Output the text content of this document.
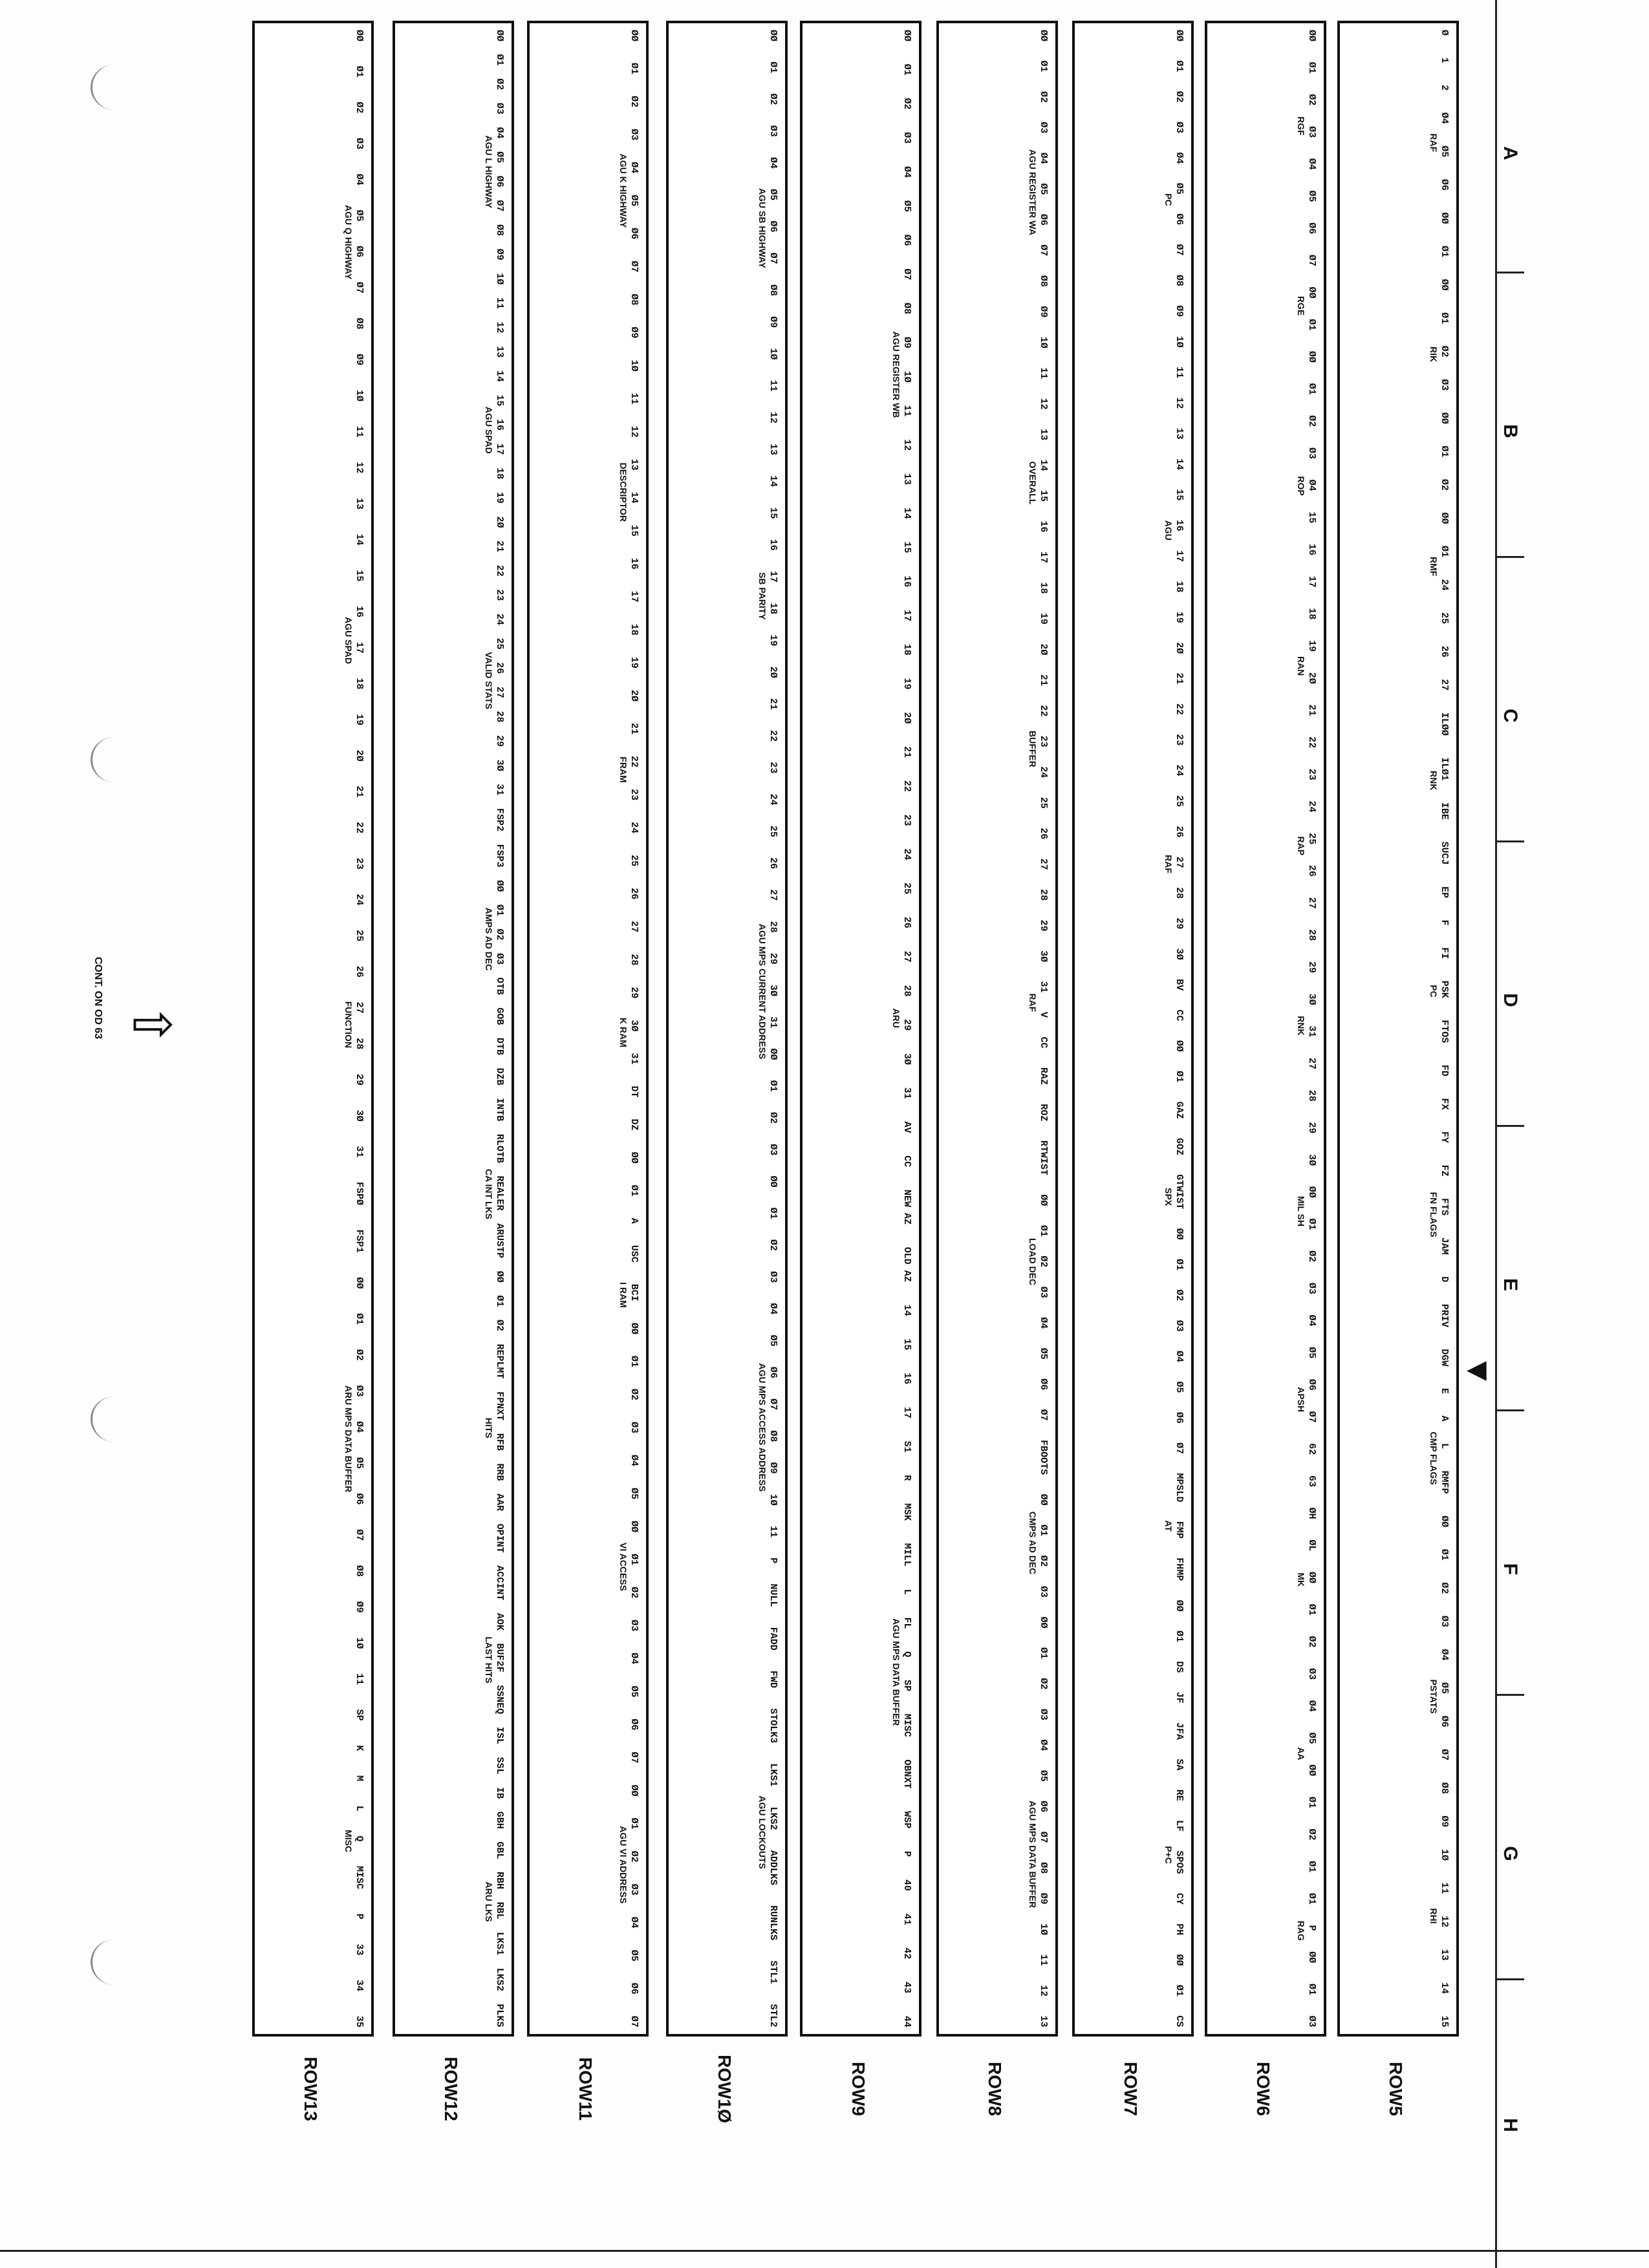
A
B
C
D
E
F
G
H
◀
CONT. ON OD 63 ⇧
Ø
1
2
Ø4
Ø5
Ø6
ØØ
Ø1
ØØ
Ø1
Ø2
Ø3
ØØ
Ø1
Ø2
ØØ
Ø1
24
25
26
27
ILØØ
ILØ1
IBE
SUCJ
EP
F
FI
PSK
FTOS
FD
FX
FY
FZ
FTS
JAM
D
PRIV
DGW
E
A
L
RMFP
ØØ
Ø1
Ø2
Ø3
Ø4
Ø5
Ø6
Ø7
Ø8
Ø9
1Ø
11
12
13
14
15
RAF
RIK
RMF
RNK
PC
FN FLAGS
CMP FLAGS
PSTATS
RHI
ROW5
ØØ
Ø1
Ø2
Ø3
Ø4
Ø5
Ø6
Ø7
ØØ
Ø1
ØØ
Ø1
Ø2
Ø3
Ø4
15
16
17
18
19
2Ø
21
22
23
24
25
26
27
28
29
3Ø
31
27
28
29
3Ø
ØØ
Ø1
Ø2
Ø3
Ø4
Ø5
Ø6
Ø7
62
63
ØH
ØL
ØØ
Ø1
Ø2
Ø3
Ø4
Ø5
ØØ
Ø1
Ø2
Ø1
Ø1
P
ØØ
Ø1
Ø3
RGF
RGE
ROP
RAN
RAP
RNK
MIL SH
APSH
MK
AA
RAG
ROW6
ØØ
Ø1
Ø2
Ø3
Ø4
Ø5
Ø6
Ø7
Ø8
Ø9
1Ø
11
12
13
14
15
16
17
18
19
2Ø
21
22
23
24
25
26
27
28
29
3Ø
BV
CC
ØØ
Ø1
GAZ
GOZ
GTWIST
ØØ
Ø1
Ø2
Ø3
Ø4
Ø5
Ø6
Ø7
MPSLD
FMP
FHMP
ØØ
Ø1
DS
JF
JFA
SA
RE
LF
SPOS
CY
PH
ØØ
Ø1
CS
PC
AGU
RAF
SPX
AT
P+C
ROW7
ØØ
Ø1
Ø2
Ø3
Ø4
Ø5
Ø6
Ø7
Ø8
Ø9
1Ø
11
12
13
14
15
16
17
18
19
2Ø
21
22
23
24
25
26
27
28
29
3Ø
31
V
CC
RAZ
ROZ
RTWIST
ØØ
Ø1
Ø2
Ø3
Ø4
Ø5
Ø6
Ø7
FBOOTS
ØØ
Ø1
Ø2
Ø3
ØØ
Ø1
Ø2
Ø3
Ø4
Ø5
Ø6
Ø7
Ø8
Ø9
1Ø
11
12
13
AGU REGISTER WA
OVERALL
BUFFER
RAF
LOAD DEC
CMPS AD DEC
AGU MPS DATA BUFFER
ROW8
ØØ
Ø1
Ø2
Ø3
Ø4
Ø5
Ø6
Ø7
Ø8
Ø9
1Ø
11
12
13
14
15
16
17
18
19
2Ø
21
22
23
24
25
26
27
28
29
3Ø
31
AV
CC
NEW AZ
OLD AZ
14
15
16
17
S1
R
MSK
MILL
L
FL
Q
SP
MISC
OBNXT
WSP
P
40
41
42
43
44
AGU REGISTER WB
ARU
AGU MPS DATA BUFFER
ROW9
ØØ
Ø1
Ø2
Ø3
Ø4
Ø5
Ø6
Ø7
Ø8
Ø9
1Ø
11
12
13
14
15
16
17
18
19
2Ø
21
22
23
24
25
26
27
28
29
3Ø
31
ØØ
Ø1
Ø2
Ø3
ØØ
Ø1
Ø2
Ø3
Ø4
Ø5
Ø6
Ø7
Ø8
Ø9
1Ø
11
P
NULL
FADD
FWD
STOLK3
LKS1
LKS2
ADDLKS
RUNLKS
STL1
STL2
AGU SB HIGHWAY
SB PARITY
AGU MPS CURRENT ADDRESS
AGU MPS ACCESS ADDRESS
AGU LOCKOUTS
ROW1Ø
ØØ
Ø1
Ø2
Ø3
Ø4
Ø5
Ø6
Ø7
Ø8
Ø9
1Ø
11
12
13
14
15
16
17
18
19
2Ø
21
22
23
24
25
26
27
28
29
3Ø
31
DT
DZ
ØØ
Ø1
A
USC
BCI
ØØ
Ø1
Ø2
Ø3
Ø4
Ø5
ØØ
Ø1
Ø2
Ø3
Ø4
Ø5
Ø6
Ø7
ØØ
Ø1
Ø2
Ø3
Ø4
Ø5
Ø6
Ø7
AGU K HIGHWAY
DESCRIPTOR
FRAM
K RAM
I RAM
VI ACCESS
AGU VI ADDRESS
ROW11
ØØ
Ø1
Ø2
Ø3
Ø4
Ø5
Ø6
Ø7
Ø8
Ø9
1Ø
11
12
13
14
15
16
17
18
19
2Ø
21
22
23
24
25
26
27
28
29
3Ø
31
FSP2
FSP3
ØØ
Ø1
Ø2
Ø3
OTB
GOB
DTB
DZB
INTB
RLOTB
REALER
ARUSTP
ØØ
Ø1
Ø2
REPLMT
FPNXT
RFB
RRB
AAR
OPINT
ACCINT
AOK
BUF2F
SSNEQ
ISL
SSL
IB
GBH
GBL
RBH
RBL
LKS1
LKS2
PLKS
AGU L HIGHWAY
AGU SPAD
VALID STATS
AMPS AD DEC
CA INT LKS
HITS
LAST HITS
ARU LKS
ROW12
ØØ
Ø1
Ø2
Ø3
Ø4
Ø5
Ø6
Ø7
Ø8
Ø9
1Ø
11
12
13
14
15
16
17
18
19
2Ø
21
22
23
24
25
26
27
28
29
3Ø
31
FSPØ
FSP1
ØØ
Ø1
Ø2
Ø3
Ø4
Ø5
Ø6
Ø7
Ø8
Ø9
1Ø
11
SP
K
M
L
Q
MISC
P
33
34
35
AGU Q HIGHWAY
AGU SPAD
FUNCTION
ARU MPS DATA BUFFER
MISC
ROW13
